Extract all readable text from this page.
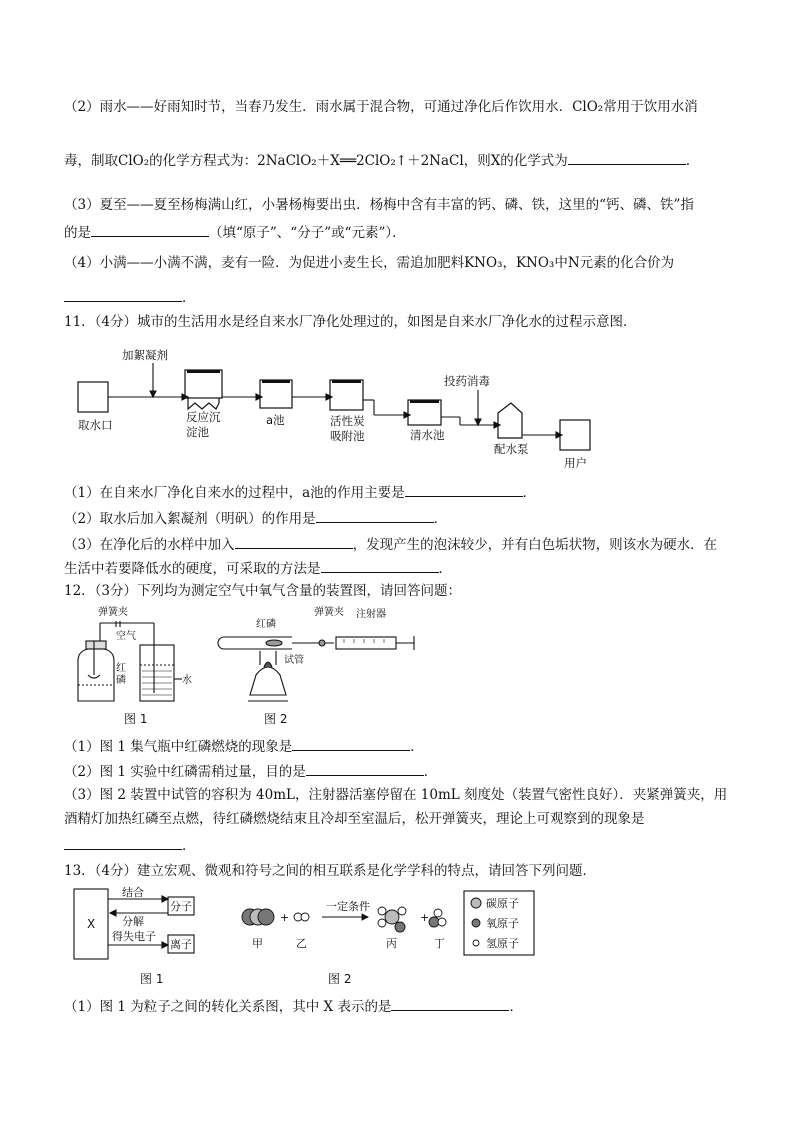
（2）雨水——好雨知时节，当春乃发生．雨水属于混合物，可通过净化后作饮用水．ClO₂常用于饮用水消
毒，制取ClO₂的化学方程式为：2NaClO₂＋X══2ClO₂↑＋2NaCl，则X的化学式为	．
（3）夏至——夏至杨梅满山红，小暑杨梅要出虫．杨梅中含有丰富的钙、磷、铁，这里的“钙、磷、铁”指
的是	（填“原子”、“分子”或“元素”）．
（4）小满——小满不满，麦有一险．为促进小麦生长，需追加肥料KNO₃，KNO₃中N元素的化合价为
．
11．（4分）城市的生活用水是经自来水厂净化处理过的，如图是自来水厂净化水的过程示意图．
加絮凝剂
取水口
反应沉
淀池
a池	活性炭
吸附池	清水池
投药消毒
配水泵
用户
（1）在自来水厂净化自来水的过程中，a池的作用主要是	．
（2）取水后加入絮凝剂（明矾）的作用是	．
（3）在净化后的水样中加入	，发现产生的泡沫较少，并有白色垢状物，则该水为硬水．在
生活中若要降低水的硬度，可采取的方法是	．
12．（3分）下列均为测定空气中氧气含量的装置图，请回答问题：
弹簧夹
空气
红
磷	水
图 1
红磷
弹簧夹 注射器
试管
图 2
（1）图 1 集气瓶中红磷燃烧的现象是	．
（2）图 1 实验中红磷需稍过量，目的是	．
（3）图 2 装置中试管的容积为 40mL，注射器活塞停留在 10mL 刻度处（装置气密性良好）．夹紧弹簧夹，用
酒精灯加热红磷至点燃，待红磷燃烧结束且冷却至室温后，松开弹簧夹，理论上可观察到的现象是
．
13．（4分）建立宏观、微观和符号之间的相互联系是化学学科的特点，请回答下列问题．
X
结合
分解
得失电子
分子
离子
图 1
+	+
一定条件
甲	乙	丙	丁
碳原子
氧原子
氢原子
图 2
（1）图 1 为粒子之间的转化关系图，其中 X 表示的是	．
